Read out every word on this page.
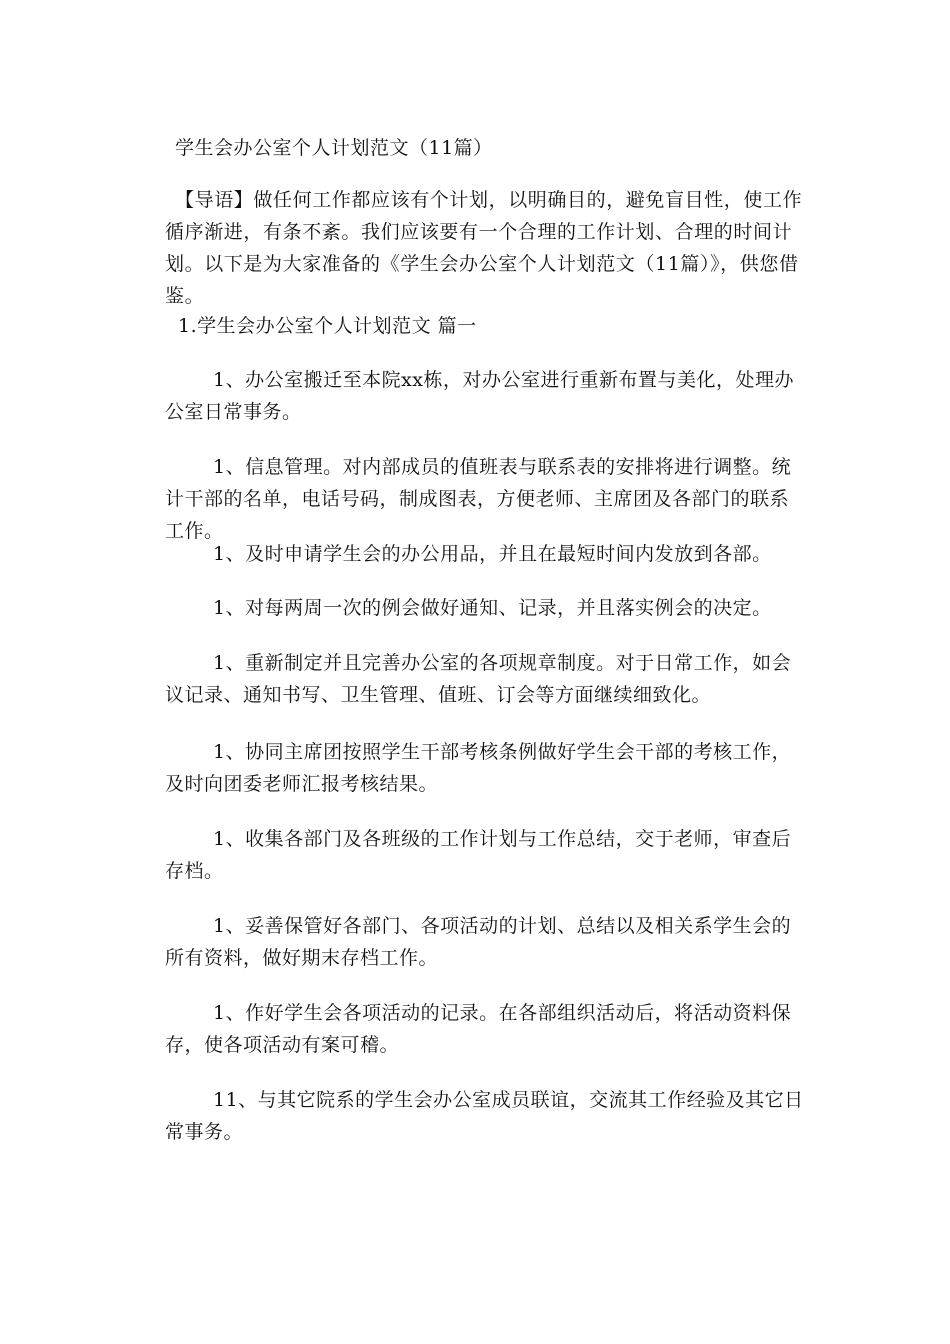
学生会办公室个人计划范文（11篇）

【导语】做任何工作都应该有个计划，以明确目的，避免盲目性，使工作循序渐进，有条不紊。我们应该要有一个合理的工作计划、合理的时间计划。以下是为大家准备的《学生会办公室个人计划范文（11篇）》，供您借鉴。

1.学生会办公室个人计划范文 篇一

1、办公室搬迁至本院xx栋，对办公室进行重新布置与美化，处理办公室日常事务。

1、信息管理。对内部成员的值班表与联系表的安排将进行调整。统计干部的名单，电话号码，制成图表，方便老师、主席团及各部门的联系工作。

1、及时申请学生会的办公用品，并且在最短时间内发放到各部。

1、对每两周一次的例会做好通知、记录，并且落实例会的决定。

1、重新制定并且完善办公室的各项规章制度。对于日常工作，如会议记录、通知书写、卫生管理、值班、订会等方面继续细致化。

1、协同主席团按照学生干部考核条例做好学生会干部的考核工作，及时向团委老师汇报考核结果。

1、收集各部门及各班级的工作计划与工作总结，交于老师，审查后存档。

1、妥善保管好各部门、各项活动的计划、总结以及相关系学生会的所有资料，做好期末存档工作。

1、作好学生会各项活动的记录。在各部组织活动后，将活动资料保存，使各项活动有案可稽。

11、与其它院系的学生会办公室成员联谊，交流其工作经验及其它日常事务。
